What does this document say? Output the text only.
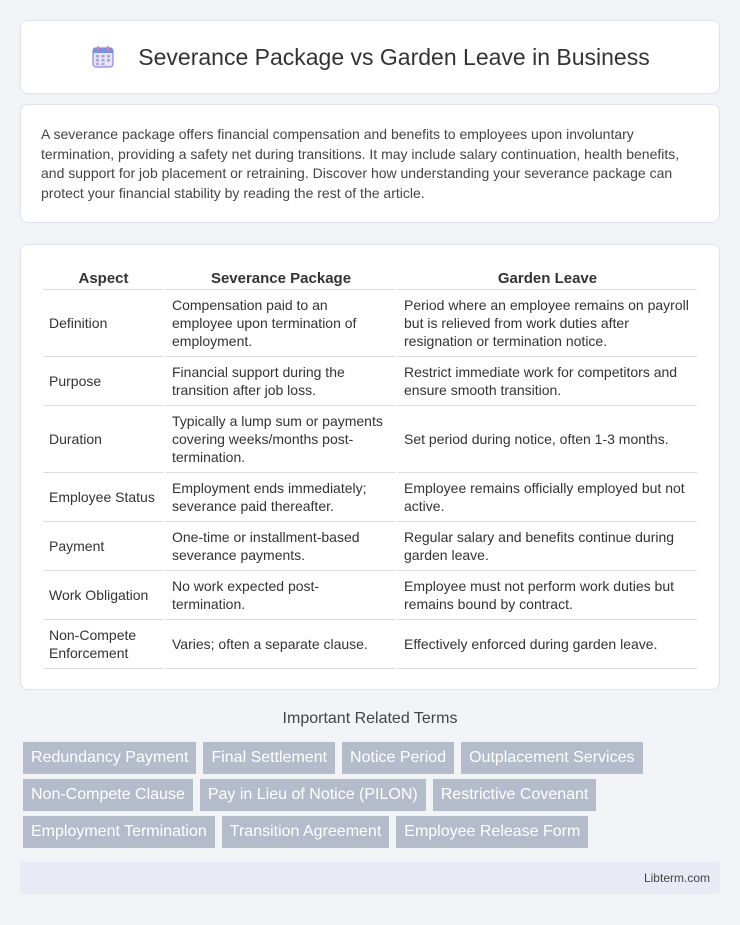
Severance Package vs Garden Leave in Business

A severance package offers financial compensation and benefits to employees upon involuntary termination, providing a safety net during transitions. It may include salary continuation, health benefits, and support for job placement or retraining. Discover how understanding your severance package can protect your financial stability by reading the rest of the article.

Aspect	Severance Package	Garden Leave
Definition	Compensation paid to an employee upon termination of employment.	Period where an employee remains on payroll but is relieved from work duties after resignation or termination notice.
Purpose	Financial support during the transition after job loss.	Restrict immediate work for competitors and ensure smooth transition.
Duration	Typically a lump sum or payments covering weeks/months post-termination.	Set period during notice, often 1-3 months.
Employee Status	Employment ends immediately; severance paid thereafter.	Employee remains officially employed but not active.
Payment	One-time or installment-based severance payments.	Regular salary and benefits continue during garden leave.
Work Obligation	No work expected post-termination.	Employee must not perform work duties but remains bound by contract.
Non-Compete Enforcement	Varies; often a separate clause.	Effectively enforced during garden leave.
Important Related Terms
Redundancy Payment	Final Settlement	Notice Period	Outplacement Services
Non-Compete Clause	Pay in Lieu of Notice (PILON)	Restrictive Covenant
Employment Termination	Transition Agreement	Employee Release Form
Libterm.com
